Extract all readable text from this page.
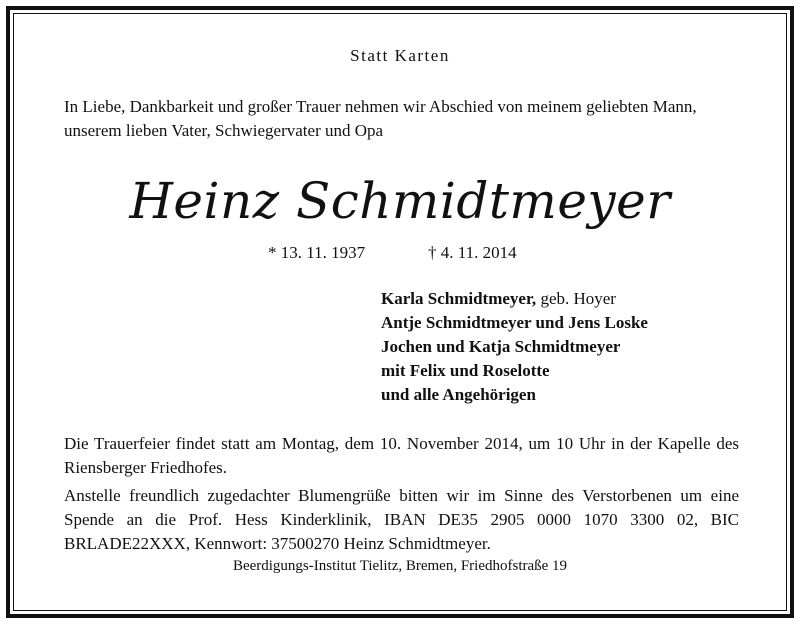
Statt Karten

In Liebe, Dankbarkeit und großer Trauer nehmen wir Abschied von meinem geliebten Mann, unserem lieben Vater, Schwiegervater und Opa

Heinz Schmidtmeyer
* 13. 11. 1937	† 4. 11. 2014
Karla Schmidtmeyer, geb. Hoyer
Antje Schmidtmeyer und Jens Loske
Jochen und Katja Schmidtmeyer
mit Felix und Roselotte
und alle Angehörigen

Die Trauerfeier findet statt am Montag, dem 10. November 2014, um 10 Uhr in der Kapelle des Riensberger Friedhofes.

Anstelle freundlich zugedachter Blumengrüße bitten wir im Sinne des Verstorbenen um eine Spende an die Prof. Hess Kinderklinik, IBAN DE35 2905 0000 1070 3300 02, BIC BRLADE22XXX, Kennwort: 37500270 Heinz Schmidtmeyer.

Beerdigungs-Institut Tielitz, Bremen, Friedhofstraße 19
